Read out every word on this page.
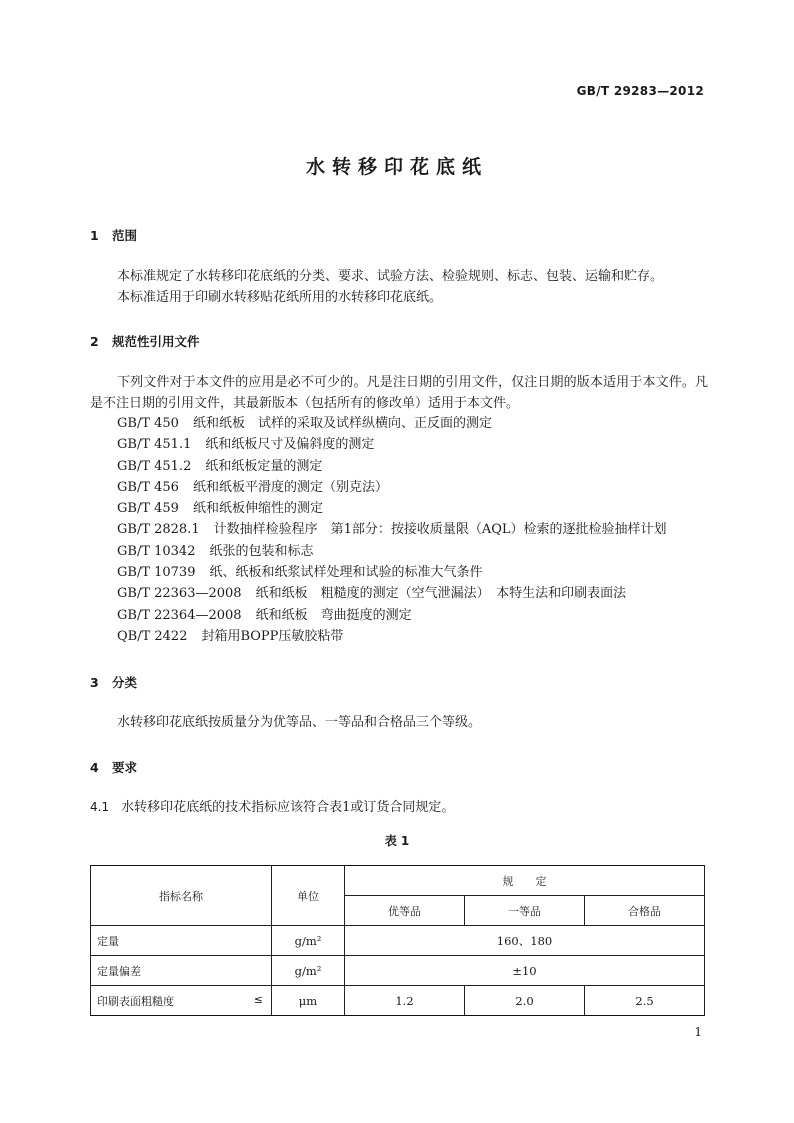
GB/T 29283—2012
水转移印花底纸
1 范围
本标准规定了水转移印花底纸的分类、要求、试验方法、检验规则、标志、包装、运输和贮存。
本标准适用于印刷水转移贴花纸所用的水转移印花底纸。
2 规范性引用文件
下列文件对于本文件的应用是必不可少的。凡是注日期的引用文件，仅注日期的版本适用于本文件。凡是不注日期的引用文件，其最新版本（包括所有的修改单）适用于本文件。
GB/T 450 纸和纸板　试样的采取及试样纵横向、正反面的测定
GB/T 451.1 纸和纸板尺寸及偏斜度的测定
GB/T 451.2 纸和纸板定量的测定
GB/T 456 纸和纸板平滑度的测定（别克法）
GB/T 459 纸和纸板伸缩性的测定
GB/T 2828.1 计数抽样检验程序　第1部分：按接收质量限（AQL）检索的逐批检验抽样计划
GB/T 10342 纸张的包装和标志
GB/T 10739 纸、纸板和纸浆试样处理和试验的标准大气条件
GB/T 22363—2008 纸和纸板　粗糙度的测定（空气泄漏法）　本特生法和印刷表面法
GB/T 22364—2008 纸和纸板　弯曲挺度的测定
QB/T 2422 封箱用BOPP压敏胶粘带
3 分类
水转移印花底纸按质量分为优等品、一等品和合格品三个等级。
4 要求
4.1 水转移印花底纸的技术指标应该符合表1或订货合同规定。
表 1
指标名称	单位	规　　定		
		优等品	一等品	合格品
定量	g/m²	160、180		
定量偏差	g/m²	±10		
印刷表面粗糙度 ≤	μm	1.2	2.0	2.5
1
